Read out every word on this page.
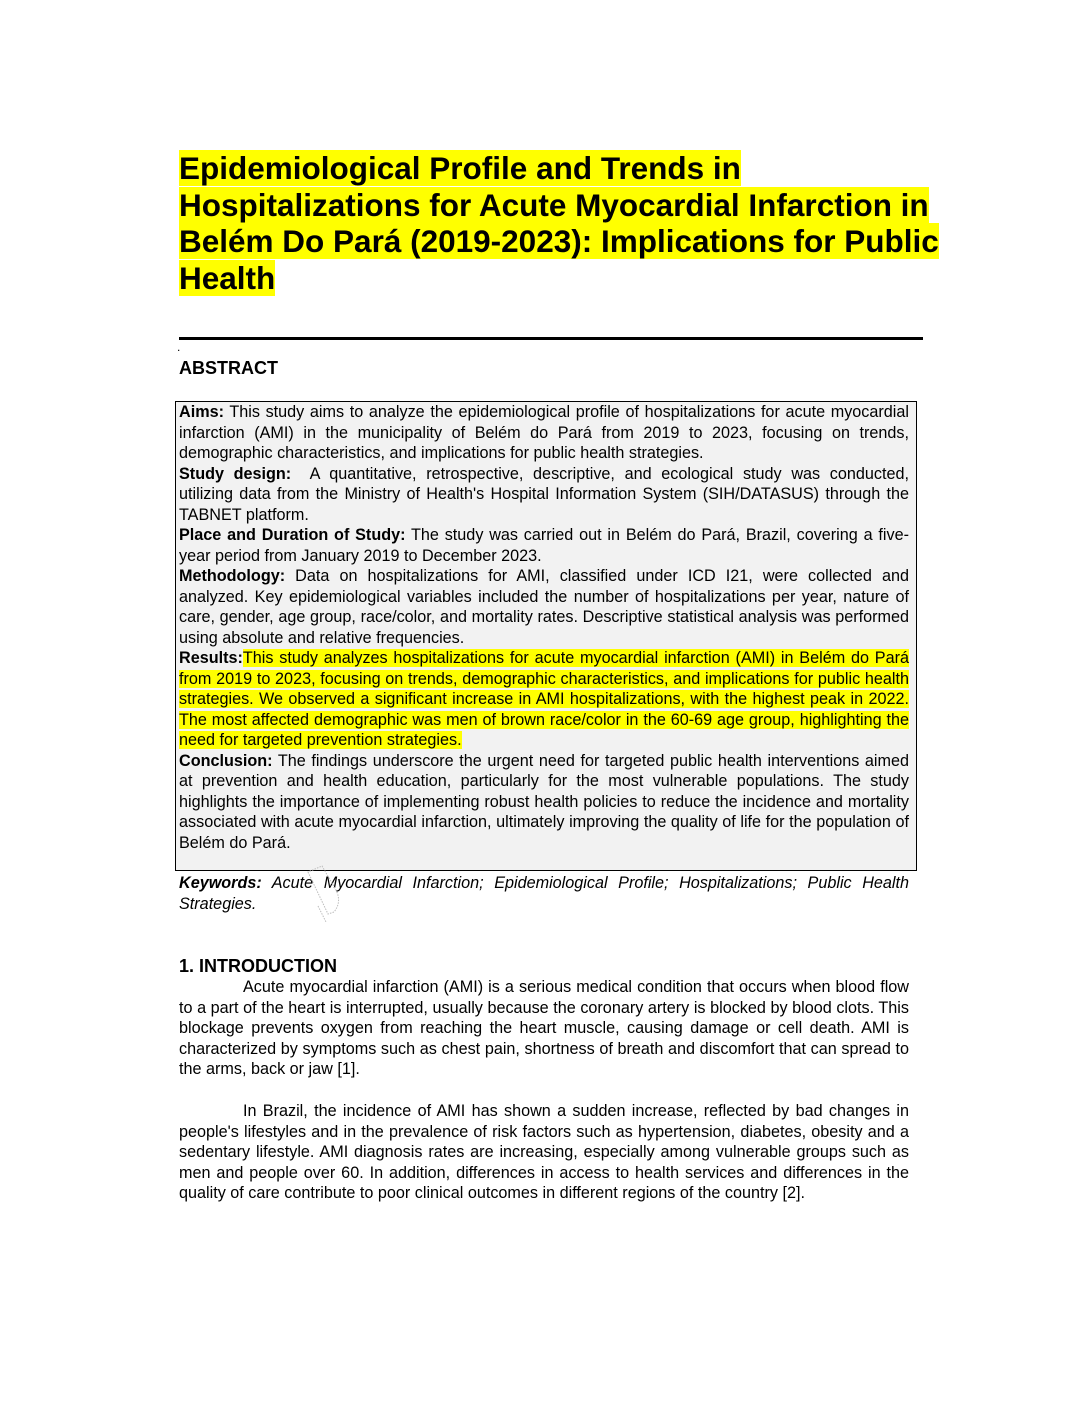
Epidemiological Profile and Trends in Hospitalizations for Acute Myocardial Infarction in Belém Do Pará (2019-2023): Implications for Public Health
.
ABSTRACT

Aims: This study aims to analyze the epidemiological profile of hospitalizations for acute myocardial infarction (AMI) in the municipality of Belém do Pará from 2019 to 2023, focusing on trends, demographic characteristics, and implications for public health strategies.

Study design:  A quantitative, retrospective, descriptive, and ecological study was conducted, utilizing data from the Ministry of Health's Hospital Information System (SIH/DATASUS) through the TABNET platform.

Place and Duration of Study: The study was carried out in Belém do Pará, Brazil, covering a five-year period from January 2019 to December 2023.

Methodology: Data on hospitalizations for AMI, classified under ICD I21, were collected and analyzed. Key epidemiological variables included the number of hospitalizations per year, nature of care, gender, age group, race/color, and mortality rates. Descriptive statistical analysis was performed using absolute and relative frequencies.

Results:This study analyzes hospitalizations for acute myocardial infarction (AMI) in Belém do Pará from 2019 to 2023, focusing on trends, demographic characteristics, and implications for public health strategies. We observed a significant increase in AMI hospitalizations, with the highest peak in 2022. The most affected demographic was men of brown race/color in the 60-69 age group, highlighting the need for targeted prevention strategies.

Conclusion: The findings underscore the urgent need for targeted public health interventions aimed at prevention and health education, particularly for the most vulnerable populations. The study highlights the importance of implementing robust health policies to reduce the incidence and mortality associated with acute myocardial infarction, ultimately improving the quality of life for the population of Belém do Pará.

Keywords: Acute Myocardial Infarction; Epidemiological Profile; Hospitalizations; Public Health Strategies.

1. INTRODUCTION

Acute myocardial infarction (AMI) is a serious medical condition that occurs when blood flow to a part of the heart is interrupted, usually because the coronary artery is blocked by blood clots. This blockage prevents oxygen from reaching the heart muscle, causing damage or cell death. AMI is characterized by symptoms such as chest pain, shortness of breath and discomfort that can spread to the arms, back or jaw [1].

In Brazil, the incidence of AMI has shown a sudden increase, reflected by bad changes in people's lifestyles and in the prevalence of risk factors such as hypertension, diabetes, obesity and a sedentary lifestyle. AMI diagnosis rates are increasing, especially among vulnerable groups such as men and people over 60. In addition, differences in access to health services and differences in the quality of care contribute to poor clinical outcomes in different regions of the country [2].
